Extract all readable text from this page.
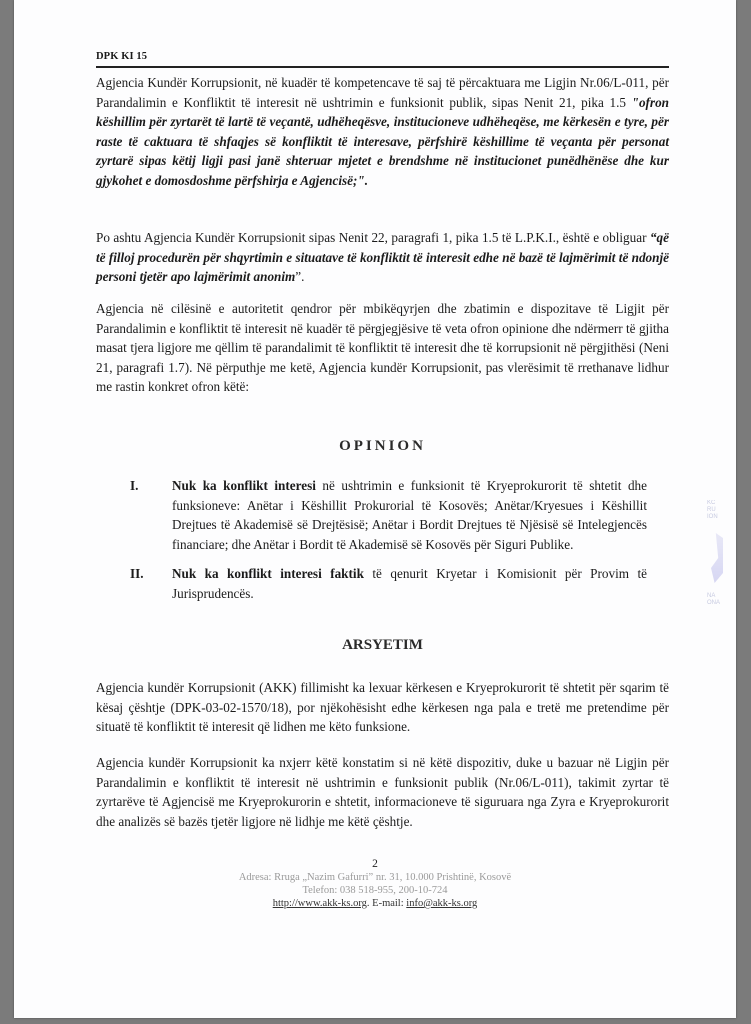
DPK KI 15

Agjencia Kundër Korrupsionit, në kuadër të kompetencave të saj të përcaktuara me Ligjin Nr.06/L-011, për Parandalimin e Konfliktit të interesit në ushtrimin e funksionit publik, sipas Nenit 21, pika 1.5 "ofron këshillim për zyrtarët të lartë të veçantë, udhëheqësve, institucioneve udhëheqëse, me kërkesën e tyre, për raste të caktuara të shfaqjes së konfliktit të interesave, përfshirë këshillime të veçanta për personat zyrtarë sipas këtij ligji pasi janë shteruar mjetet e brendshme në institucionet punëdhënëse dhe kur gjykohet e domosdoshme përfshirja e Agjencisë;".

Po ashtu Agjencia Kundër Korrupsionit sipas Nenit 22, paragrafi 1, pika 1.5 të L.P.K.I., është e obliguar “që të filloj procedurën për shqyrtimin e situatave të konfliktit të interesit edhe në bazë të lajmërimit të ndonjë personi tjetër apo lajmërimit anonim”.

Agjencia në cilësinë e autoritetit qendror për mbikëqyrjen dhe zbatimin e dispozitave të Ligjit për Parandalimin e konfliktit të interesit në kuadër të përgjegjësive të veta ofron opinione dhe ndërmerr të gjitha masat tjera ligjore me qëllim të parandalimit të konfliktit të interesit dhe të korrupsionit në përgjithësi (Neni 21, paragrafi 1.7). Në përputhje me ketë, Agjencia kundër Korrupsionit, pas vlerësimit të rrethanave lidhur me rastin konkret ofron këtë:

OPINION

I.	Nuk ka konflikt interesi në ushtrimin e funksionit të Kryeprokurorit të shtetit dhe funksioneve: Anëtar i Këshillit Prokurorial të Kosovës; Anëtar/Kryesues i Këshillit Drejtues të Akademisë së Drejtësisë; Anëtar i Bordit Drejtues të Njësisë së Intelegjencës financiare; dhe Anëtar i Bordit të Akademisë së Kosovës për Siguri Publike.

II. Nuk ka konflikt interesi faktik të qenurit Kryetar i Komisionit për Provim të Jurisprudencës.

ARSYETIM

Agjencia kundër Korrupsionit (AKK) fillimisht ka lexuar kërkesen e Kryeprokurorit të shtetit për sqarim të kësaj çështje (DPK-03-02-1570/18), por njëkohësisht edhe kërkesen nga pala e tretë me pretendime për situatë të konfliktit të interesit që lidhen me këto funksione.

Agjencia kundër Korrupsionit ka nxjerr këtë konstatim si në këtë dispozitiv, duke u bazuar në Ligjin për Parandalimin e konfliktit të interesit në ushtrimin e funksionit publik (Nr.06/L-011), takimit zyrtar të zyrtarëve të Agjencisë me Kryeprokurorin e shtetit, informacioneve të siguruara nga Zyra e Kryeprokurorit dhe analizës së bazës tjetër ligjore në lidhje me këtë çështje.

2
Adresa: Rruga „Nazim Gafurri” nr. 31, 10.000 Prishtinë, Kosovë
Telefon: 038 518-955, 200-10-724
http://www.akk-ks.org. E-mail: info@akk-ks.org
KC
RU
ION
NA
ONA
